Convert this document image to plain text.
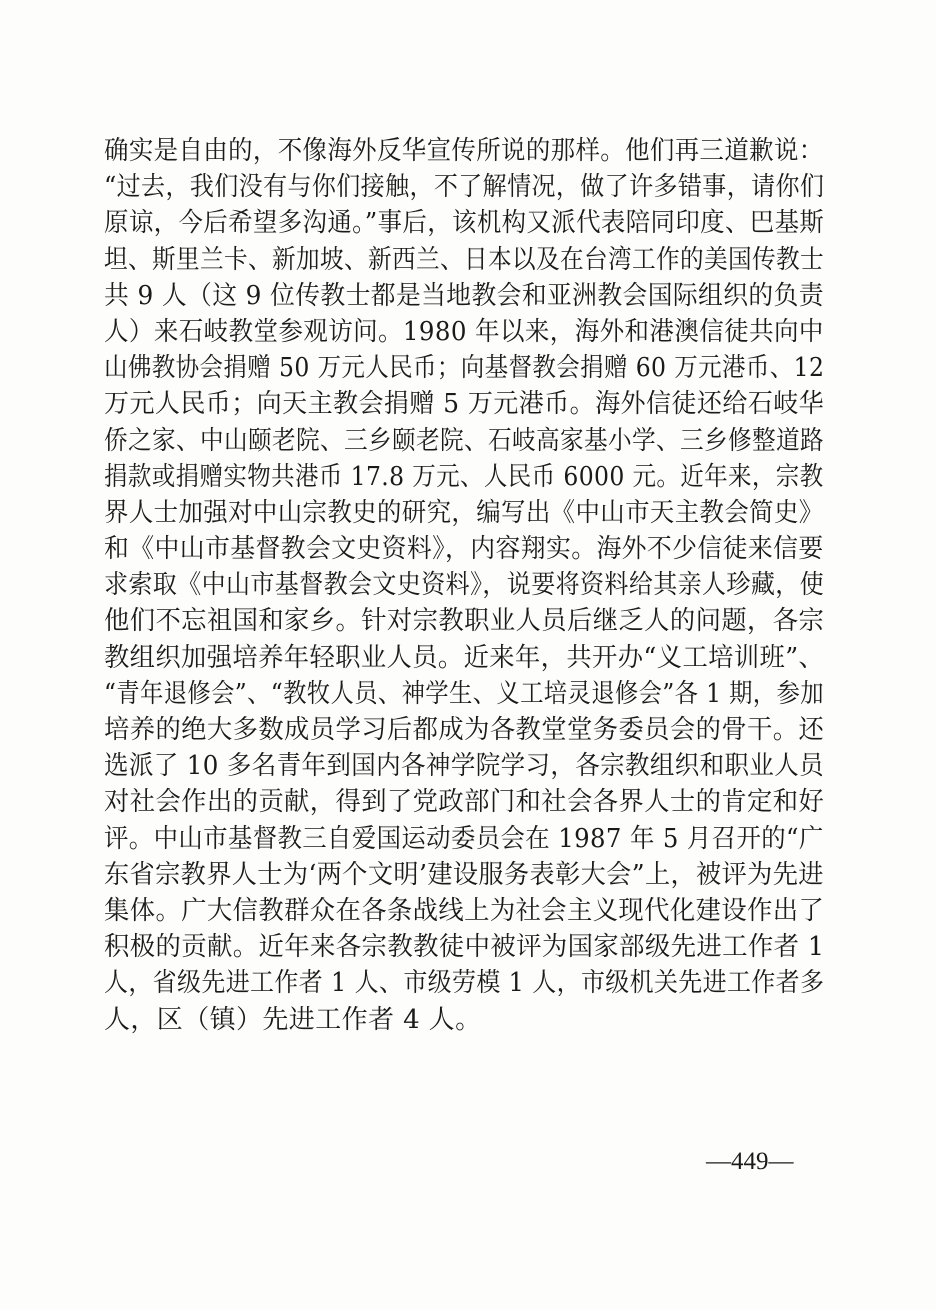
确实是自由的，不像海外反华宣传所说的那样。他们再三道歉说：
“过去，我们没有与你们接触，不了解情况，做了许多错事，请你们
原谅，今后希望多沟通。”事后，该机构又派代表陪同印度、巴基斯
坦、斯里兰卡、新加坡、新西兰、日本以及在台湾工作的美国传教士
共 9 人（这 9 位传教士都是当地教会和亚洲教会国际组织的负责
人）来石岐教堂参观访问。1980 年以来，海外和港澳信徒共向中
山佛教协会捐赠 50 万元人民币；向基督教会捐赠 60 万元港币、12
万元人民币；向天主教会捐赠 5 万元港币。海外信徒还给石岐华
侨之家、中山颐老院、三乡颐老院、石岐高家基小学、三乡修整道路
捐款或捐赠实物共港币 17.8 万元、人民币 6000 元。近年来，宗教
界人士加强对中山宗教史的研究，编写出《中山市天主教会简史》
和《中山市基督教会文史资料》，内容翔实。海外不少信徒来信要
求索取《中山市基督教会文史资料》，说要将资料给其亲人珍藏，使
他们不忘祖国和家乡。针对宗教职业人员后继乏人的问题，各宗
教组织加强培养年轻职业人员。近来年，共开办“义工培训班”、
“青年退修会”、“教牧人员、神学生、义工培灵退修会”各 1 期，参加
培养的绝大多数成员学习后都成为各教堂堂务委员会的骨干。还
选派了 10 多名青年到国内各神学院学习，各宗教组织和职业人员
对社会作出的贡献，得到了党政部门和社会各界人士的肯定和好
评。中山市基督教三自爱国运动委员会在 1987 年 5 月召开的“广
东省宗教界人士为‘两个文明’建设服务表彰大会”上，被评为先进
集体。广大信教群众在各条战线上为社会主义现代化建设作出了
积极的贡献。近年来各宗教教徒中被评为国家部级先进工作者 1
人，省级先进工作者 1 人、市级劳模 1 人，市级机关先进工作者多
人，区（镇）先进工作者 4 人。
—449—
